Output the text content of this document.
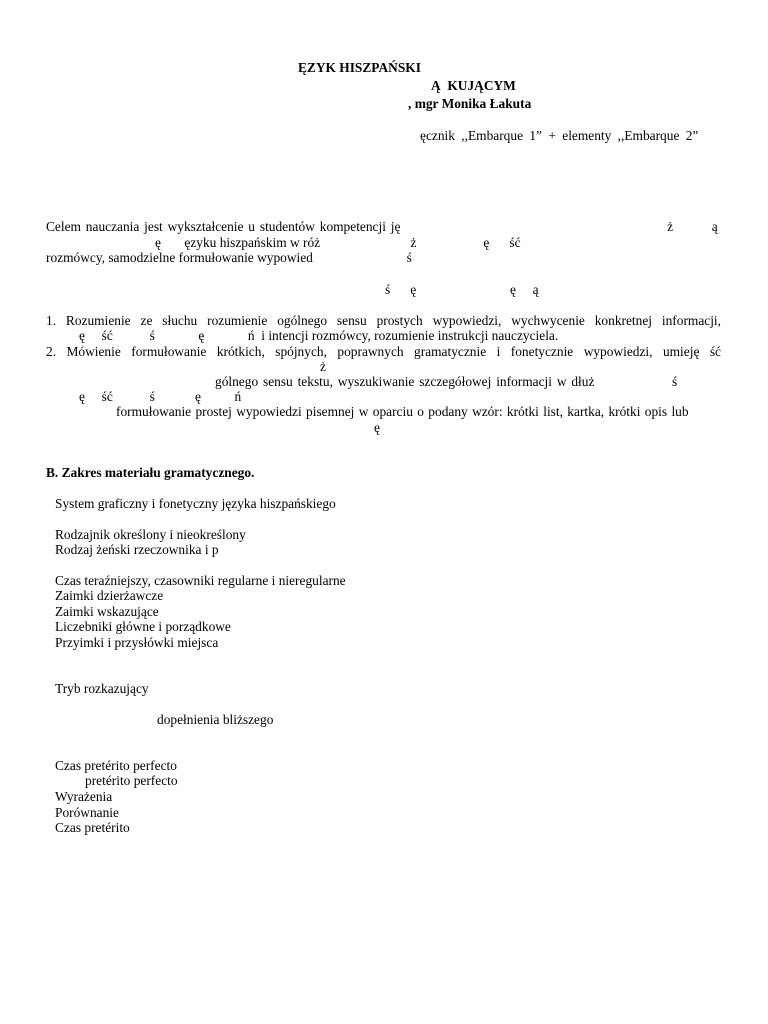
ĘZYK HISZPAŃSKI
Ą  KUJĄCYM
, mgr Monika Łakuta
ęcznik ,,Embarque 1” + elementy ,,Embarque 2”
Celem nauczania jest wykształcenie u studentów kompetencji ję                                                       ż        ą
ę       ęzyku hiszpańskim w róż                           ż                    ę      ść
rozmówcy, samodzielne formułowanie wypowied                            ś
ś      ę                            ę     ą
1. Rozumienie ze słuchu rozumienie ogólnego sensu prostych wypowiedzi, wychwycenie konkretnej informacji,
ę     ść           ś             ę             ń  i intencji rozmówcy, rozumienie instrukcji nauczyciela.
2. Mówienie formułowanie krótkich, spójnych, poprawnych gramatycznie i fonetycznie wypowiedzi, umieję ść
ż
gólnego sensu tekstu, wyszukiwanie szczegółowej informacji w dłuż                ś
ę     ść           ś            ę          ń
formułowanie prostej wypowiedzi pisemnej w oparciu o podany wzór: krótki list, kartka, krótki opis lub
ę
B. Zakres materiału gramatycznego.
System graficzny i fonetyczny języka hiszpańskiego
Rodzajnik określony i nieokreślony
Rodzaj żeński rzeczownika i p
Czas teraźniejszy, czasowniki regularne i nieregularne
Zaimki dzierżawcze
Zaimki wskazujące
Liczebniki główne i porządkowe
Przyimki i przysłówki miejsca
Tryb rozkazujący
dopełnienia bliższego
Czas pretérito perfecto
pretérito perfecto
Wyrażenia
Porównanie
Czas pretérito
